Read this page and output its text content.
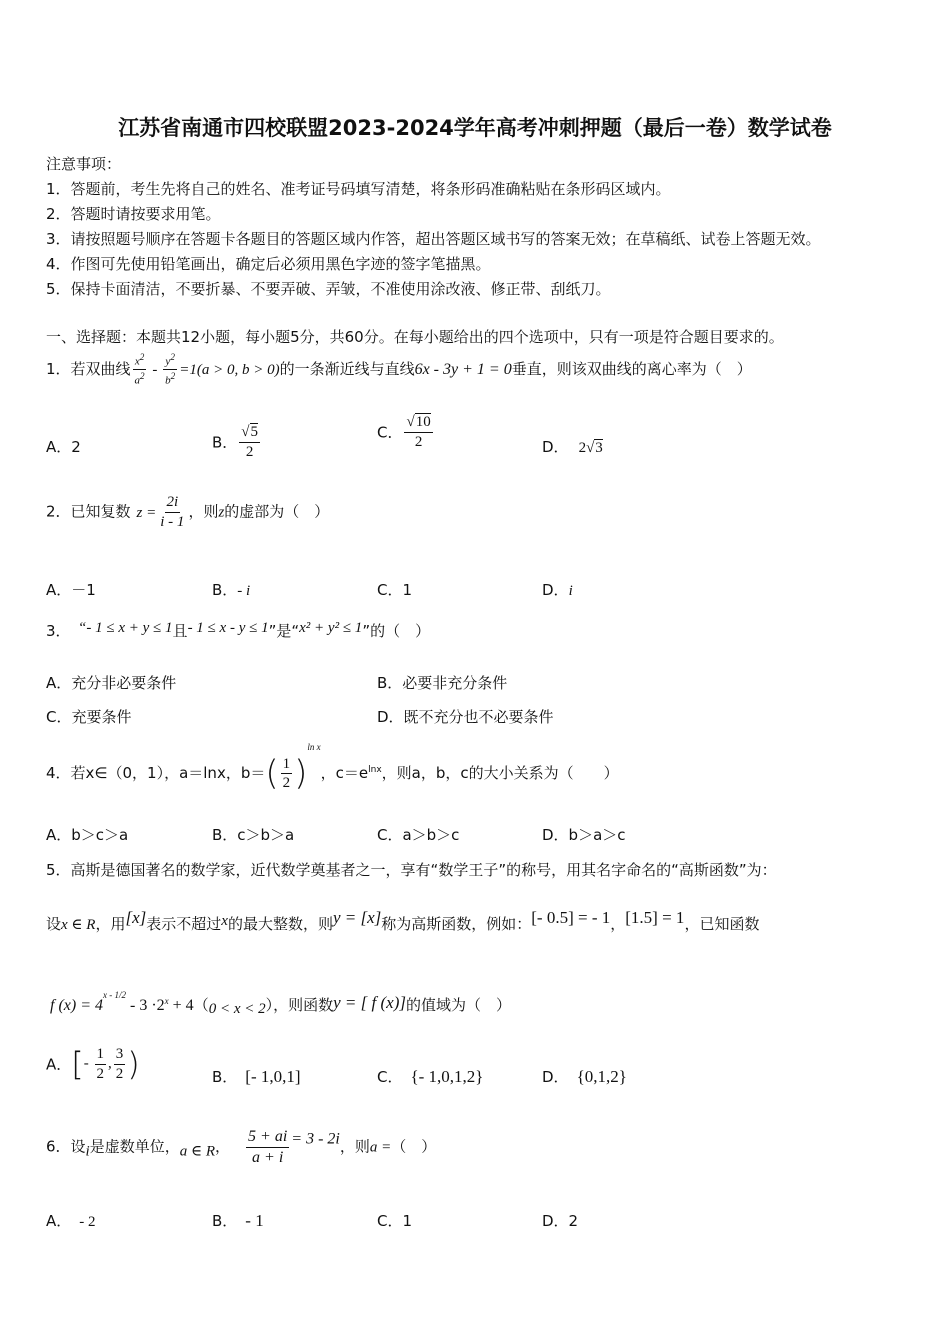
江苏省南通市四校联盟2023-2024学年高考冲刺押题（最后一卷）数学试卷
注意事项：
1．答题前，考生先将自己的姓名、准考证号码填写清楚，将条形码准确粘贴在条形码区域内。
2．答题时请按要求用笔。
3．请按照题号顺序在答题卡各题目的答题区域内作答，超出答题区域书写的答案无效；在草稿纸、试卷上答题无效。
4．作图可先使用铅笔画出，确定后必须用黑色字迹的签字笔描黑。
5．保持卡面清洁，不要折暴、不要弄破、弄皱，不准使用涂改液、修正带、刮纸刀。
一、选择题：本题共12小题，每小题5分，共60分。在每小题给出的四个选项中，只有一项是符合题目要求的。
1．若双曲线 $\frac{x^2}{a^2} - \frac{y^2}{b^2} =1(a > 0$, b > 0)的一条渐近线与直线6x - 3y + 1 = 0垂直，则该双曲线的离心率为（　）
A．2	B． $\frac{√5}{2}$	C． $\frac{√10}{2}$	D． 2√3
2．已知复数 $z = \frac{2i}{i - 1}$ ，则z的虚部为（　）
A．－1	B．- i	C．1	D．i
3．　“- 1 ≤ x + y ≤ 1且- 1 ≤ x - y ≤ 1”是“x² + y² ≤ 1”的（　）
A．充分非必要条件	B．必要非充分条件
C．充要条件	D．既不充分也不必要条件
4．若x∈（0，1），a＝lnx，$b=( \frac{1}{2} )^{ln x}$，$c=e^{lnx}$，则a，b，c的大小关系为（　　）
A．b＞c＞a	B．c＞b＞a	C．a＞b＞c	D．b＞a＞c
5．高斯是德国著名的数学家，近代数学奠基者之一，享有“数学王子”的称号，用其名字命名的“高斯函数”为：
设x ∈ R，用[x]表示不超过x的最大整数，则y = [x]称为高斯函数，例如：[- 0.5] = - 1，[1.5] = 1，已知函数
f $(x) = 4^{x - 1/2} - 3 \cdot 2^x + 4(0 < x < 2)$，则函数y = [ f (x)]的值域为（　）
A．[- $\frac{1}{2}$ , $\frac{3}{2}$ )	B． [- 1,0,1]	C． {- 1,0,1,2}	D． {0,1,2}
6．设i是虚数单位，a ∈ R， $\frac{5 + ai}{a + i} = 3 - 2i$，则a =（　）
A． - 2	B． - 1	C．1	D．2
